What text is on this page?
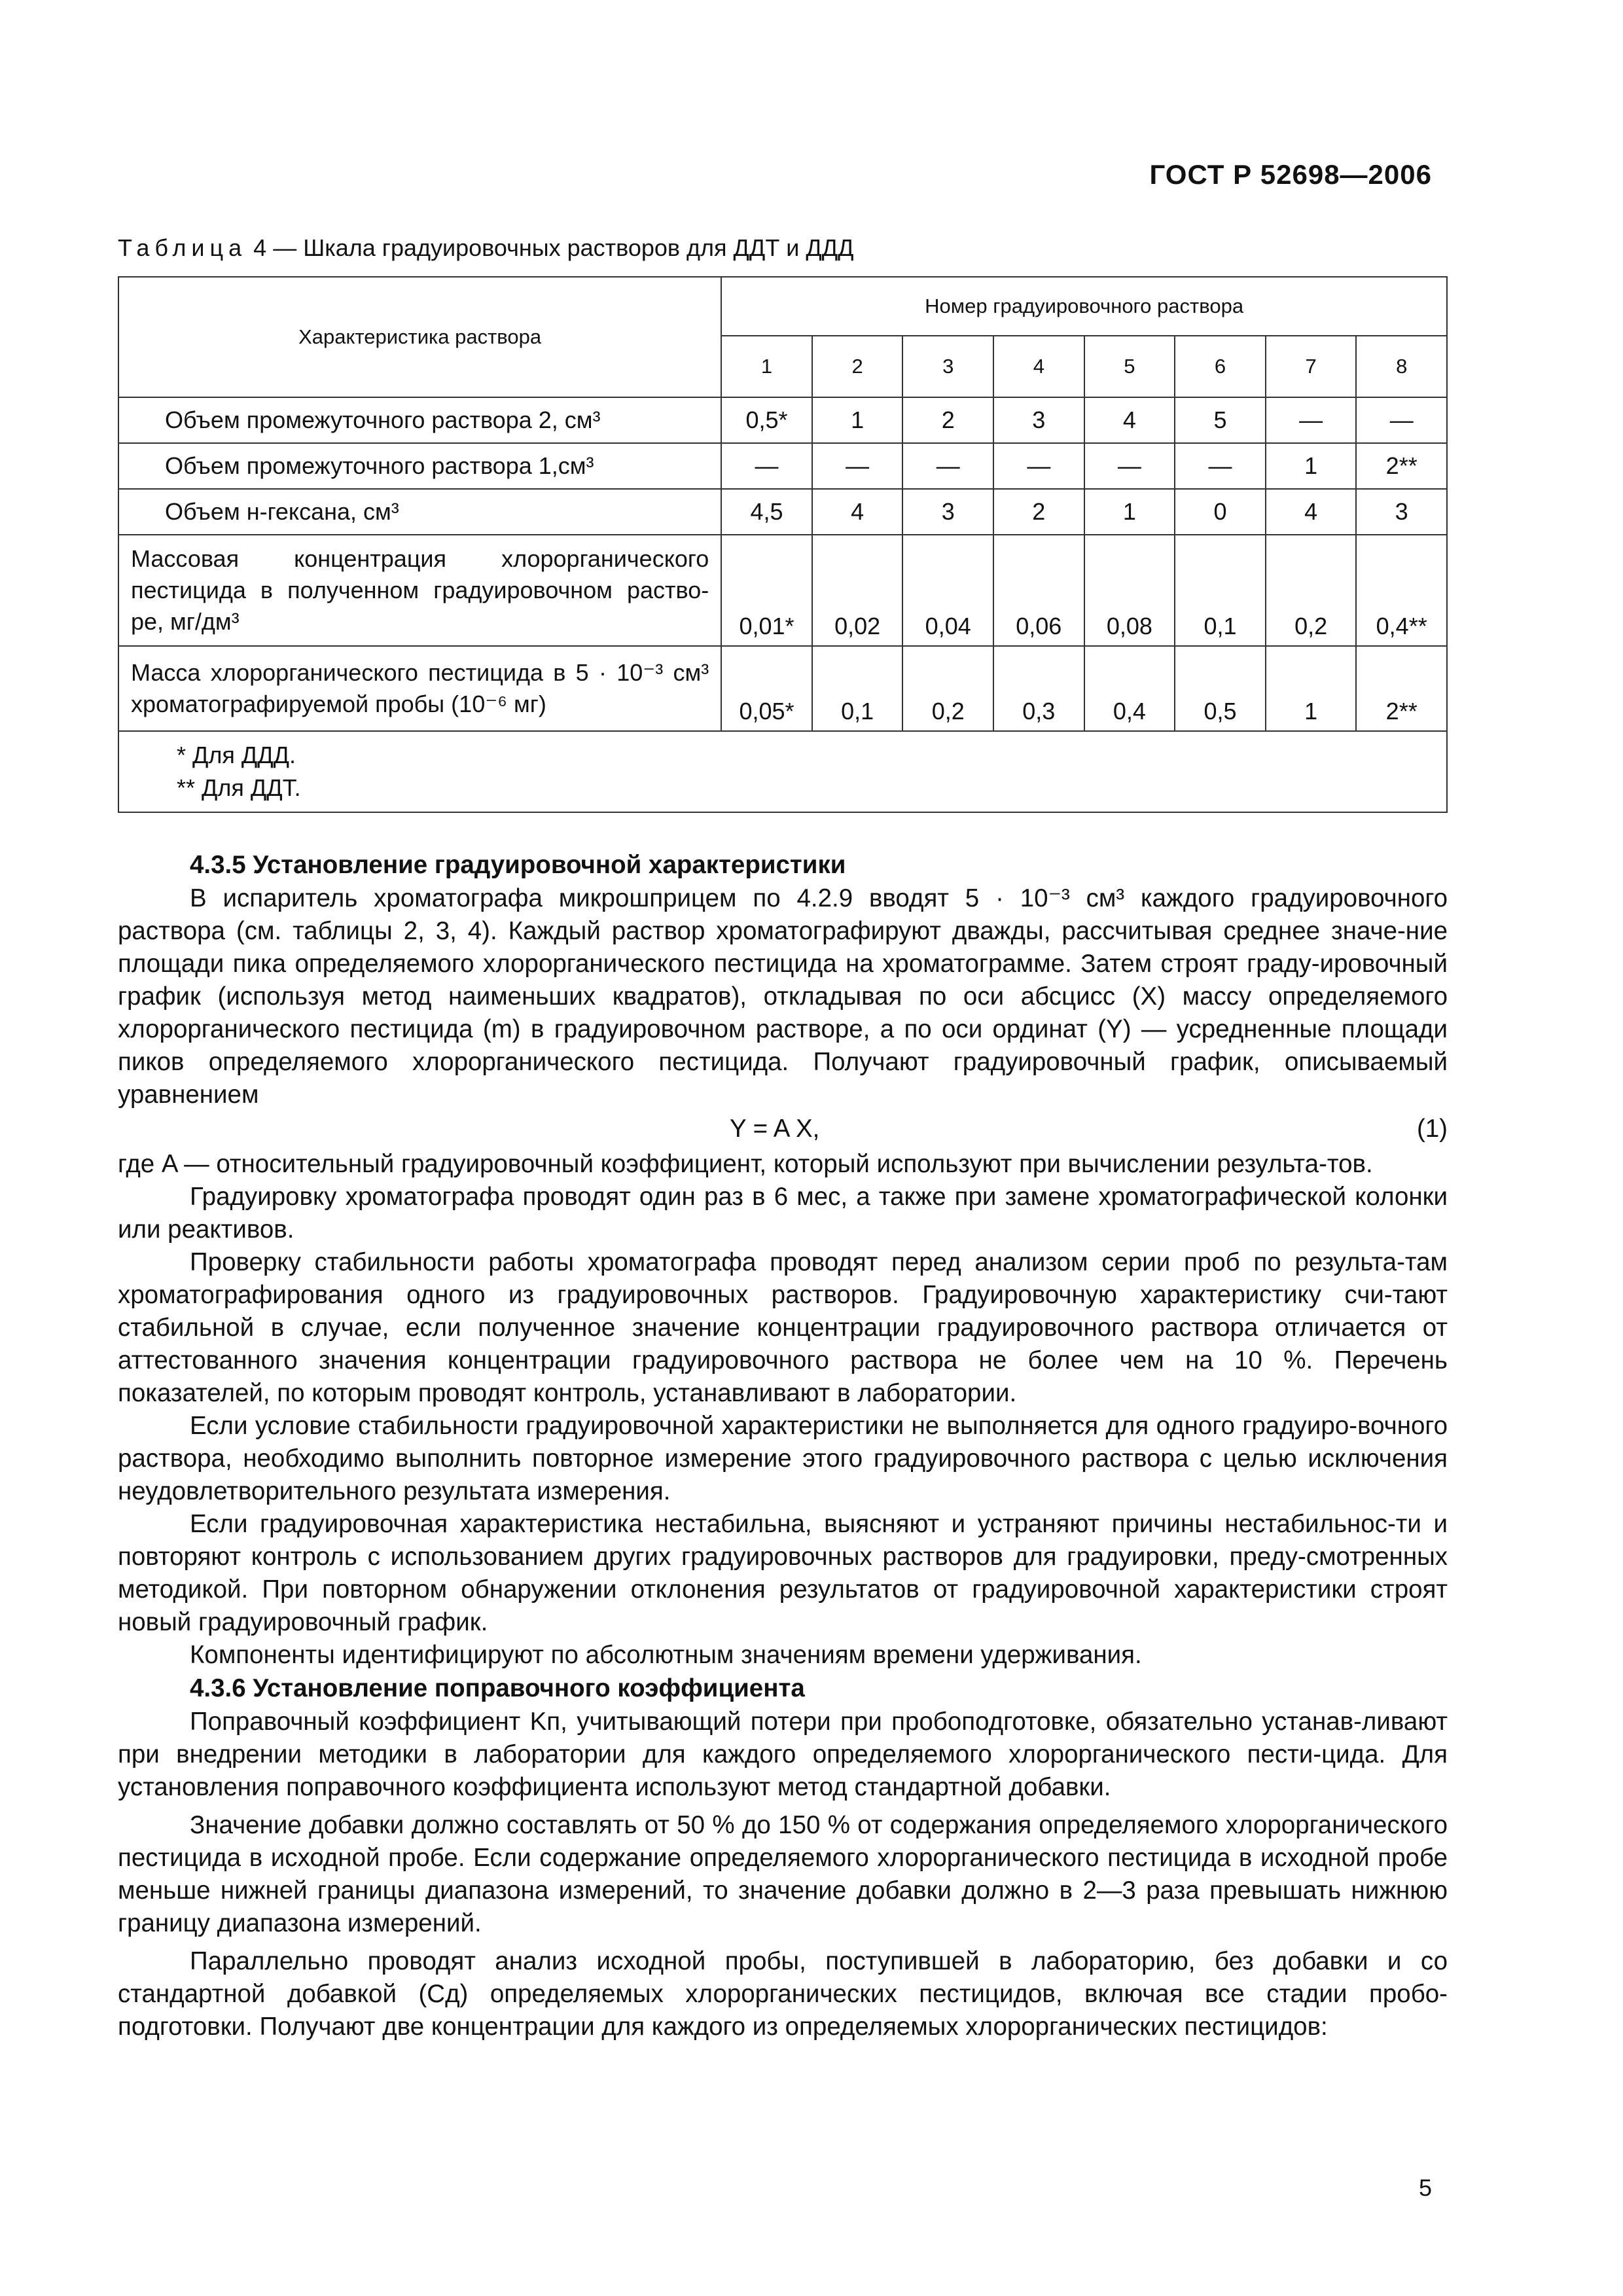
ГОСТ Р 52698—2006
Таблица 4 — Шкала градуировочных растворов для ДДТ и ДДД
Характеристика раствора	Номер градуировочного раствора							
	1	2	3	4	5	6	7	8
Объем промежуточного раствора 2, см³	0,5*	1	2	3	4	5	—	—
Объем промежуточного раствора 1,см³	—	—	—	—	—	—	1	2**
Объем н-гексана, см³	4,5	4	3	2	1	0	4	3
Массовая концентрация хлорорганического пестицида в полученном градуировочном раство-ре, мг/дм³	0,01*	0,02	0,04	0,06	0,08	0,1	0,2	0,4**
Масса хлорорганического пестицида в 5 · 10⁻³ см³ хроматографируемой пробы (10⁻⁶ мг)	0,05*	0,1	0,2	0,3	0,4	0,5	1	2**

* Для ДДД.
** Для ДДТ.								
4.3.5 Установление градуировочной характеристики

В испаритель хроматографа микрошприцем по 4.2.9 вводят 5 · 10⁻³ см³ каждого градуировочного раствора (см. таблицы 2, 3, 4). Каждый раствор хроматографируют дважды, рассчитывая среднее значе-ние площади пика определяемого хлорорганического пестицида на хроматограмме. Затем строят граду-ировочный график (используя метод наименьших квадратов), откладывая по оси абсцисс (X) массу определяемого хлорорганического пестицида (m) в градуировочном растворе, а по оси ординат (Y) — усредненные площади пиков определяемого хлорорганического пестицида. Получают градуировочный график, описываемый уравнением

Y = A X,	(1)

где A — относительный градуировочный коэффициент, который используют при вычислении результа-тов.

Градуировку хроматографа проводят один раз в 6 мес, а также при замене хроматографической колонки или реактивов.

Проверку стабильности работы хроматографа проводят перед анализом серии проб по результа-там хроматографирования одного из градуировочных растворов. Градуировочную характеристику счи-тают стабильной в случае, если полученное значение концентрации градуировочного раствора отличается от аттестованного значения концентрации градуировочного раствора не более чем на 10 %. Перечень показателей, по которым проводят контроль, устанавливают в лаборатории.

Если условие стабильности градуировочной характеристики не выполняется для одного градуиро-вочного раствора, необходимо выполнить повторное измерение этого градуировочного раствора с целью исключения неудовлетворительного результата измерения.

Если градуировочная характеристика нестабильна, выясняют и устраняют причины нестабильнос-ти и повторяют контроль с использованием других градуировочных растворов для градуировки, преду-смотренных методикой. При повторном обнаружении отклонения результатов от градуировочной характеристики строят новый градуировочный график.

Компоненты идентифицируют по абсолютным значениям времени удерживания.

4.3.6 Установление поправочного коэффициента

Поправочный коэффициент Kп, учитывающий потери при пробоподготовке, обязательно устанав-ливают при внедрении методики в лаборатории для каждого определяемого хлорорганического пести-цида. Для установления поправочного коэффициента используют метод стандартной добавки.

Значение добавки должно составлять от 50 % до 150 % от содержания определяемого хлорорганического пестицида в исходной пробе. Если содержание определяемого хлорорганического пестицида в исходной пробе меньше нижней границы диапазона измерений, то значение добавки должно в 2—3 раза превышать нижнюю границу диапазона измерений.

Параллельно проводят анализ исходной пробы, поступившей в лабораторию, без добавки и со стандартной добавкой (Cд) определяемых хлорорганических пестицидов, включая все стадии пробо-подготовки. Получают две концентрации для каждого из определяемых хлорорганических пестицидов:

5
